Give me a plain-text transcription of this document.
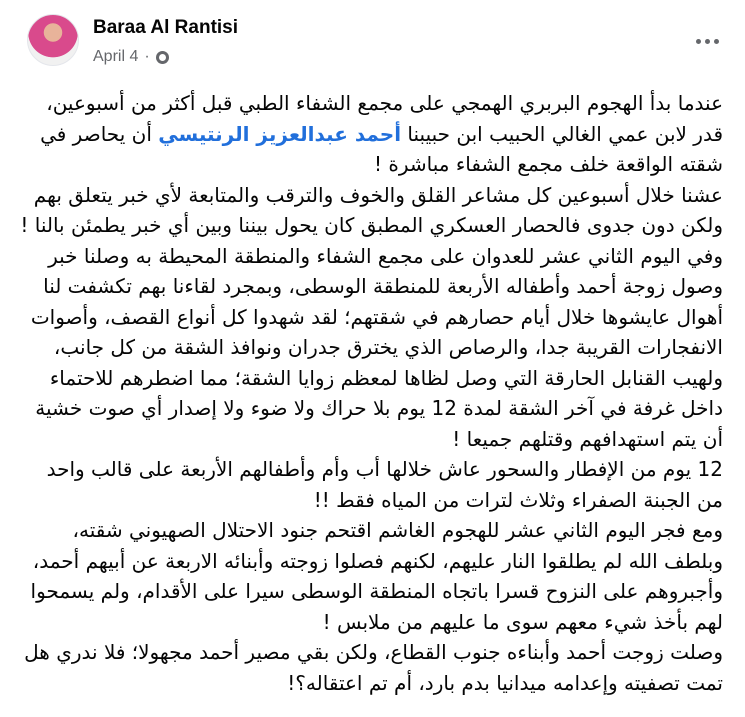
Baraa Al Rantisi
April 4 ·

عندما بدأ الهجوم البربري الهمجي على مجمع الشفاء الطبي قبل أكثر من أسبوعين، قدر لابن عمي الغالي الحبيب ابن حبيبنا أحمد عبدالعزيز الرنتيسي أن يحاصر في شقته الواقعة خلف مجمع الشفاء مباشرة !

عشنا خلال أسبوعين كل مشاعر القلق والخوف والترقب والمتابعة لأي خبر يتعلق بهم ولكن دون جدوى فالحصار العسكري المطبق كان يحول بيننا وبين أي خبر يطمئن بالنا !

وفي اليوم الثاني عشر للعدوان على مجمع الشفاء والمنطقة المحيطة به وصلنا خبر وصول زوجة أحمد وأطفاله الأربعة للمنطقة الوسطى، وبمجرد لقاءنا بهم تكشفت لنا أهوال عايشوها خلال أيام حصارهم في شقتهم؛ لقد شهدوا كل أنواع القصف، وأصوات الانفجارات القريبة جدا، والرصاص الذي يخترق جدران ونوافذ الشقة من كل جانب، ولهيب القنابل الحارقة التي وصل لظاها لمعظم زوايا الشقة؛ مما اضطرهم للاحتماء داخل غرفة في آخر الشقة لمدة 12 يوم بلا حراك ولا ضوء ولا إصدار أي صوت خشية أن يتم استهدافهم وقتلهم جميعا !

12 يوم من الإفطار والسحور عاش خلالها أب وأم وأطفالهم الأربعة على قالب واحد من الجبنة الصفراء وثلاث لترات من المياه فقط !!

ومع فجر اليوم الثاني عشر للهجوم الغاشم اقتحم جنود الاحتلال الصهيوني شقته، وبلطف الله لم يطلقوا النار عليهم، لكنهم فصلوا زوجته وأبنائه الاربعة عن أبيهم أحمد، وأجبروهم على النزوح قسرا باتجاه المنطقة الوسطى سيرا على الأقدام، ولم يسمحوا لهم بأخذ شيء معهم سوى ما عليهم من ملابس !

وصلت زوجت أحمد وأبناءه جنوب القطاع، ولكن بقي مصير أحمد مجهولا؛ فلا ندري هل تمت تصفيته وإعدامه ميدانيا بدم بارد، أم تم اعتقاله؟!
